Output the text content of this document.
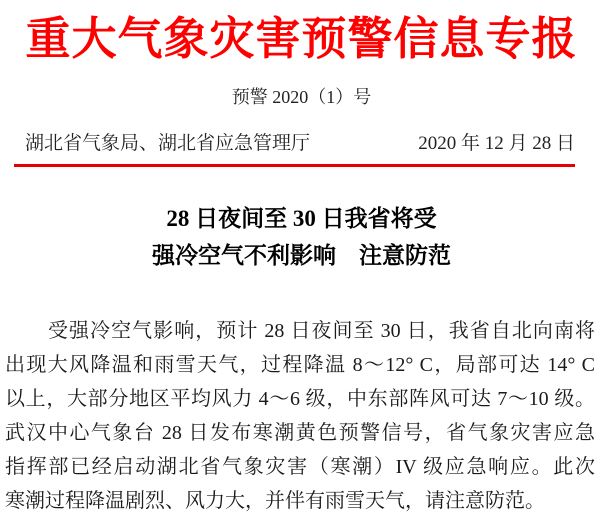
重大气象灾害预警信息专报
预警 2020（1）号
湖北省气象局、湖北省应急管理厅	2020 年 12 月 28 日
28 日夜间至 30 日我省将受
强冷空气不利影响　注意防范
受强冷空气影响，预计 28 日夜间至 30 日，我省自北向南将
出现大风降温和雨雪天气，过程降温 8～12° C，局部可达 14° C
以上，大部分地区平均风力 4～6 级，中东部阵风可达 7～10 级。
武汉中心气象台 28 日发布寒潮黄色预警信号，省气象灾害应急
指挥部已经启动湖北省气象灾害（寒潮）IV 级应急响应。此次
寒潮过程降温剧烈、风力大，并伴有雨雪天气，请注意防范。
